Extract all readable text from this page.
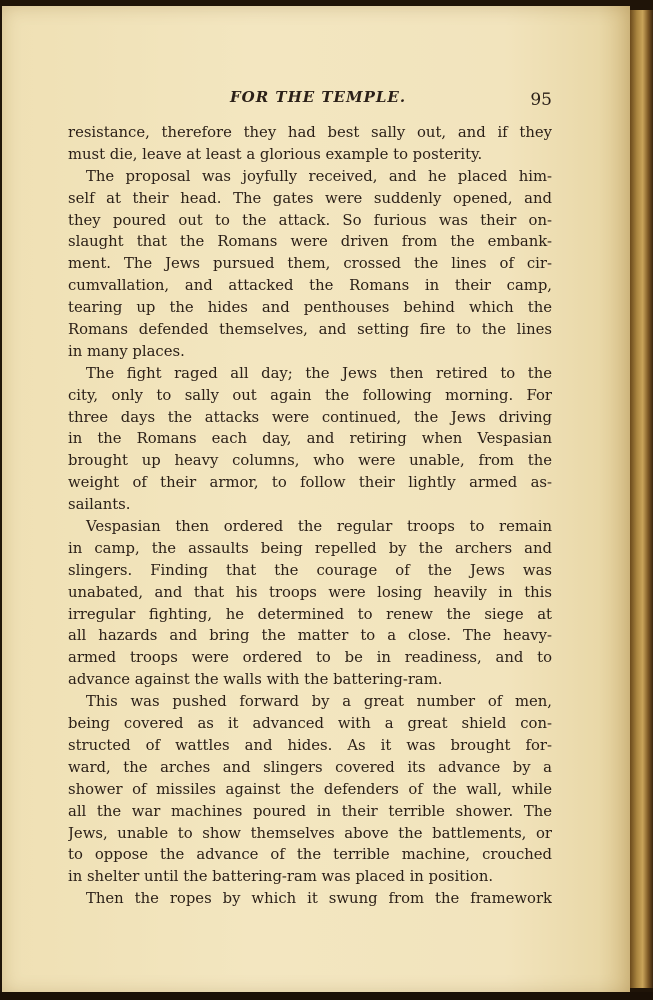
FOR THE TEMPLE.	95
resistance, therefore they had best sally out, and if they
must die, leave at least a glorious example to posterity.
The proposal was joyfully received, and he placed him-
self at their head. The gates were suddenly opened, and
they poured out to the attack. So furious was their on-
slaught that the Romans were driven from the embank-
ment. The Jews pursued them, crossed the lines of cir-
cumvallation, and attacked the Romans in their camp,
tearing up the hides and penthouses behind which the
Romans defended themselves, and setting fire to the lines
in many places.
The fight raged all day; the Jews then retired to the
city, only to sally out again the following morning. For
three days the attacks were continued, the Jews driving
in the Romans each day, and retiring when Vespasian
brought up heavy columns, who were unable, from the
weight of their armor, to follow their lightly armed as-
sailants.
Vespasian then ordered the regular troops to remain
in camp, the assaults being repelled by the archers and
slingers. Finding that the courage of the Jews was
unabated, and that his troops were losing heavily in this
irregular fighting, he determined to renew the siege at
all hazards and bring the matter to a close. The heavy-
armed troops were ordered to be in readiness, and to
advance against the walls with the battering-ram.
This was pushed forward by a great number of men,
being covered as it advanced with a great shield con-
structed of wattles and hides. As it was brought for-
ward, the arches and slingers covered its advance by a
shower of missiles against the defenders of the wall, while
all the war machines poured in their terrible shower. The
Jews, unable to show themselves above the battlements, or
to oppose the advance of the terrible machine, crouched
in shelter until the battering-ram was placed in position.
Then the ropes by which it swung from the framework
